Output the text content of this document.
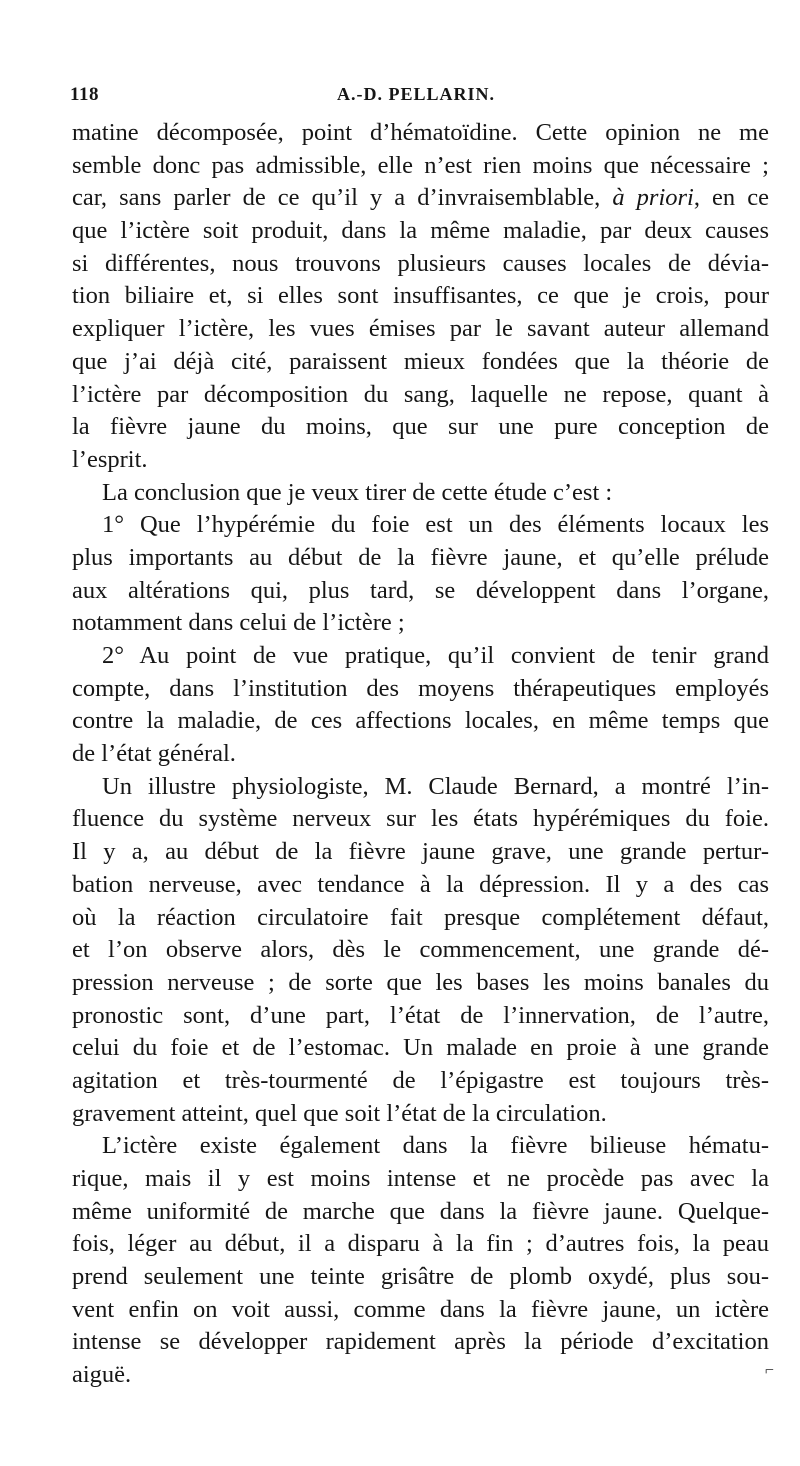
118	A.-D. PELLARIN.
matine décomposée, point d’hématoïdine. Cette opinion ne me
semble donc pas admissible, elle n’est rien moins que nécessaire ;
car, sans parler de ce qu’il y a d’invraisemblable, à priori, en ce
que l’ictère soit produit, dans la même maladie, par deux causes
si différentes, nous trouvons plusieurs causes locales de dévia-
tion biliaire et, si elles sont insuffisantes, ce que je crois, pour
expliquer l’ictère, les vues émises par le savant auteur allemand
que j’ai déjà cité, paraissent mieux fondées que la théorie de
l’ictère par décomposition du sang, laquelle ne repose, quant à
la fièvre jaune du moins, que sur une pure conception de
l’esprit.
La conclusion que je veux tirer de cette étude c’est :
1° Que l’hypérémie du foie est un des éléments locaux les
plus importants au début de la fièvre jaune, et qu’elle prélude
aux altérations qui, plus tard, se développent dans l’organe,
notamment dans celui de l’ictère ;
2° Au point de vue pratique, qu’il convient de tenir grand
compte, dans l’institution des moyens thérapeutiques employés
contre la maladie, de ces affections locales, en même temps que
de l’état général.
Un illustre physiologiste, M. Claude Bernard, a montré l’in-
fluence du système nerveux sur les états hypérémiques du foie.
Il y a, au début de la fièvre jaune grave, une grande pertur-
bation nerveuse, avec tendance à la dépression. Il y a des cas
où la réaction circulatoire fait presque complétement défaut,
et l’on observe alors, dès le commencement, une grande dé-
pression nerveuse ; de sorte que les bases les moins banales du
pronostic sont, d’une part, l’état de l’innervation, de l’autre,
celui du foie et de l’estomac. Un malade en proie à une grande
agitation et très-tourmenté de l’épigastre est toujours très-
gravement atteint, quel que soit l’état de la circulation.
L’ictère existe également dans la fièvre bilieuse hématu-
rique, mais il y est moins intense et ne procède pas avec la
même uniformité de marche que dans la fièvre jaune. Quelque-
fois, léger au début, il a disparu à la fin ; d’autres fois, la peau
prend seulement une teinte grisâtre de plomb oxydé, plus sou-
vent enfin on voit aussi, comme dans la fièvre jaune, un ictère
intense se développer rapidement après la période d’excitation
aiguë.	⌐
